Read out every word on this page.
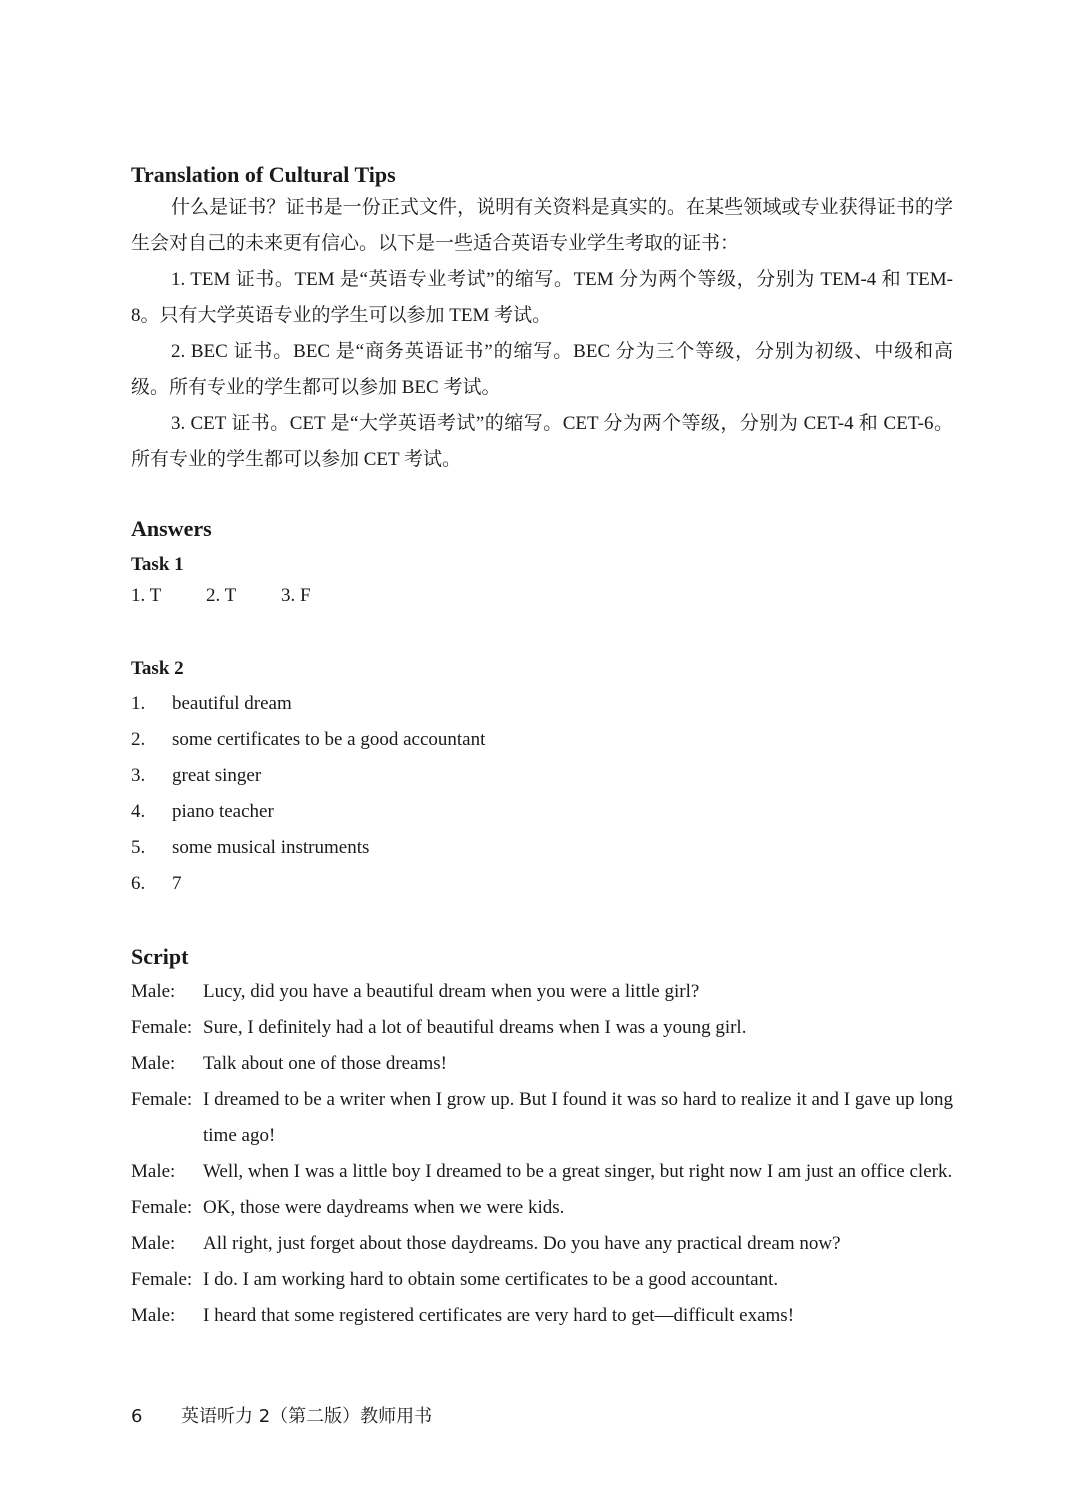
Translation of Cultural Tips

什么是证书？证书是一份正式文件，说明有关资料是真实的。在某些领域或专业获得证书的学生会对自己的未来更有信心。以下是一些适合英语专业学生考取的证书：

1. TEM 证书。TEM 是“英语专业考试”的缩写。TEM 分为两个等级，分别为 TEM-4 和 TEM-8。只有大学英语专业的学生可以参加 TEM 考试。

2. BEC 证书。BEC 是“商务英语证书”的缩写。BEC 分为三个等级，分别为初级、中级和高级。所有专业的学生都可以参加 BEC 考试。

3. CET 证书。CET 是“大学英语考试”的缩写。CET 分为两个等级，分别为 CET-4 和 CET-6。所有专业的学生都可以参加 CET 考试。

Answers
Task 1
1. T	2. T	3. F
Task 2
1.	beautiful dream
2.	some certificates to be a good accountant
3.	great singer
4.	piano teacher
5.	some musical instruments
6.	7
Script
Male:	Lucy, did you have a beautiful dream when you were a little girl?
Female: Sure, I definitely had a lot of beautiful dreams when I was a young girl.
Male:	Talk about one of those dreams!
Female: I dreamed to be a writer when I grow up. But I found it was so hard to realize it and I gave up long time ago!
Male:	Well, when I was a little boy I dreamed to be a great singer, but right now I am just an office clerk.
Female: OK, those were daydreams when we were kids.
Male:	All right, just forget about those daydreams. Do you have any practical dream now?
Female: I do. I am working hard to obtain some certificates to be a good accountant.
Male:	I heard that some registered certificates are very hard to get—difficult exams!
6	英语听力 2（第二版）教师用书
